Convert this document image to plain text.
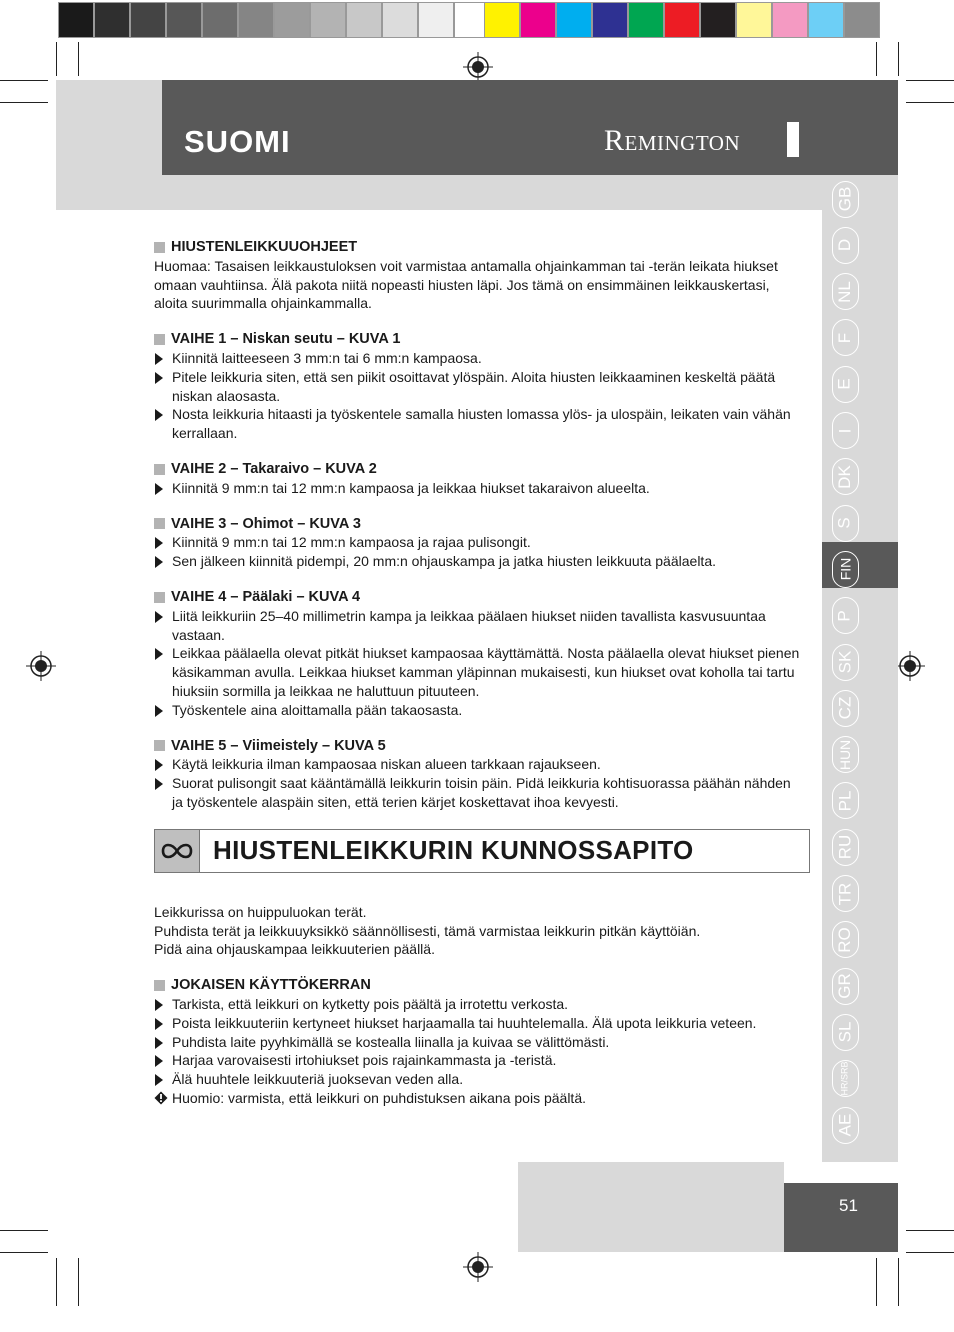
SUOMI	Remington
GB
D
NL
F
E
I
DK
S
FIN
P
SK
CZ
HUN
PL
RU
TR
RO
GR
SL
HR/SRB
AE
51

HIUSTENLEIKKUUOHJEET

Huomaa: Tasaisen leikkaustuloksen voit varmistaa antamalla ohjainkamman tai -terän leikata hiukset omaan vauhtiinsa. Älä pakota niitä nopeasti hiusten läpi. Jos tämä on ensimmäinen leikkauskertasi, aloita suurimmalla ohjainkammalla.

VAIHE 1 – Niskan seutu – KUVA 1

Kiinnitä laitteeseen 3 mm:n tai 6 mm:n kampaosa.
Pitele leikkuria siten, että sen piikit osoittavat ylöspäin. Aloita hiusten leikkaaminen keskeltä päätä niskan alaosasta.
Nosta leikkuria hitaasti ja työskentele samalla hiusten lomassa ylös- ja ulospäin, leikaten vain vähän kerrallaan.

VAIHE 2 – Takaraivo – KUVA 2

Kiinnitä 9 mm:n tai 12 mm:n kampaosa ja leikkaa hiukset takaraivon alueelta.

VAIHE 3 – Ohimot – KUVA 3

Kiinnitä 9 mm:n tai 12 mm:n kampaosa ja rajaa pulisongit.
Sen jälkeen kiinnitä pidempi, 20 mm:n ohjauskampa ja jatka hiusten leikkuuta päälaelta.

VAIHE 4 – Päälaki – KUVA 4

Liitä leikkuriin 25–40 millimetrin kampa ja leikkaa päälaen hiukset niiden tavallista kasvusuuntaa vastaan.
Leikkaa päälaella olevat pitkät hiukset kampaosaa käyttämättä. Nosta päälaella olevat hiukset pienen käsikamman avulla. Leikkaa hiukset kamman yläpinnan mukaisesti, kun hiukset ovat koholla tai tartu hiuksiin sormilla ja leikkaa ne haluttuun pituuteen.
Työskentele aina aloittamalla pään takaosasta.

VAIHE 5 – Viimeistely – KUVA 5

Käytä leikkuria ilman kampaosaa niskan alueen tarkkaan rajaukseen.
Suorat pulisongit saat kääntämällä leikkurin toisin päin. Pidä leikkuria kohtisuorassa päähän nähden ja työskentele alaspäin siten, että terien kärjet koskettavat ihoa kevyesti.
HIUSTENLEIKKURIN KUNNOSSAPITO

Leikkurissa on huippuluokan terät.

Puhdista terät ja leikkuuyksikkö säännöllisesti, tämä varmistaa leikkurin pitkän käyttöiän.

Pidä aina ohjauskampaa leikkuuterien päällä.

JOKAISEN KÄYTTÖKERRAN

Tarkista, että leikkuri on kytketty pois päältä ja irrotettu verkosta.
Poista leikkuuteriin kertyneet hiukset harjaamalla tai huuhtelemalla. Älä upota leikkuria veteen.
Puhdista laite pyyhkimällä se kostealla liinalla ja kuivaa se välittömästi.
Harjaa varovaisesti irtohiukset pois rajainkammasta ja -teristä.
Älä huuhtele leikkuuteriä juoksevan veden alla.
Huomio: varmista, että leikkuri on puhdistuksen aikana pois päältä.
